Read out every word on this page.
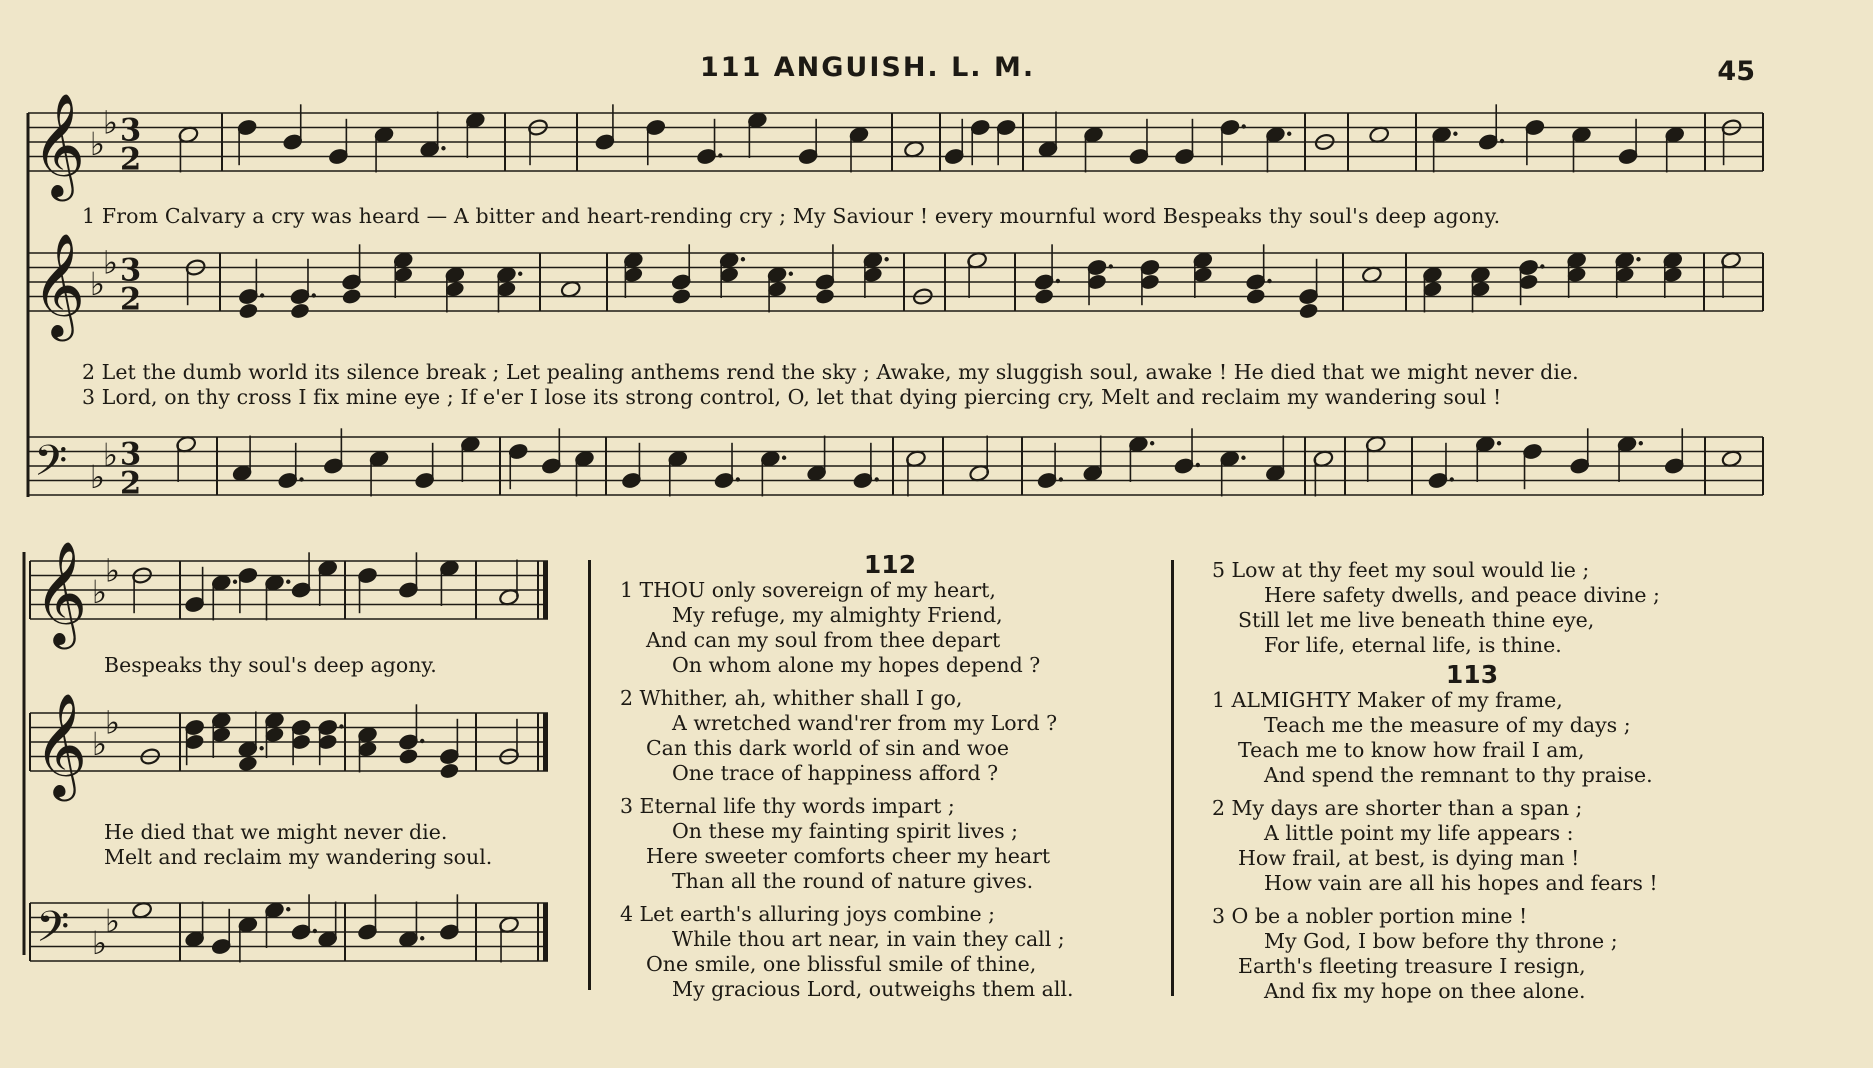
111 ANGUISH. L. M.	45
𝄞 ♭
♭ 3
2
𝄞 ♭
♭ 3
2
𝄢 ♭
♭ 3
2
𝄞 ♭
♭
𝄞 ♭
♭
𝄢 ♭
♭
1 From Calvary a cry was heard — A bitter and heart-rending cry ; My Saviour ! every mournful word Bespeaks thy soul's deep agony.
2 Let the dumb world its silence break ; Let pealing anthems rend the sky ; Awake, my sluggish soul, awake ! He died that we might never die.
3 Lord, on thy cross I fix mine eye ; If e'er I lose its strong control, O, let that dying piercing cry, Melt and reclaim my wandering soul !
Bespeaks thy soul's deep agony.
He died that we might never die.
Melt and reclaim my wandering soul.
112
1 THOU only sovereign of my heart,
My refuge, my almighty Friend,
And can my soul from thee depart
On whom alone my hopes depend ?
2 Whither, ah, whither shall I go,
A wretched wand'rer from my Lord ?
Can this dark world of sin and woe
One trace of happiness afford ?
3 Eternal life thy words impart ;
On these my fainting spirit lives ;
Here sweeter comforts cheer my heart
Than all the round of nature gives.
4 Let earth's alluring joys combine ;
While thou art near, in vain they call ;
One smile, one blissful smile of thine,
My gracious Lord, outweighs them all.
5 Low at thy feet my soul would lie ;
Here safety dwells, and peace divine ;
Still let me live beneath thine eye,
For life, eternal life, is thine.
113
1 ALMIGHTY Maker of my frame,
Teach me the measure of my days ;
Teach me to know how frail I am,
And spend the remnant to thy praise.
2 My days are shorter than a span ;
A little point my life appears :
How frail, at best, is dying man !
How vain are all his hopes and fears !
3 O be a nobler portion mine !
My God, I bow before thy throne ;
Earth's fleeting treasure I resign,
And fix my hope on thee alone.
